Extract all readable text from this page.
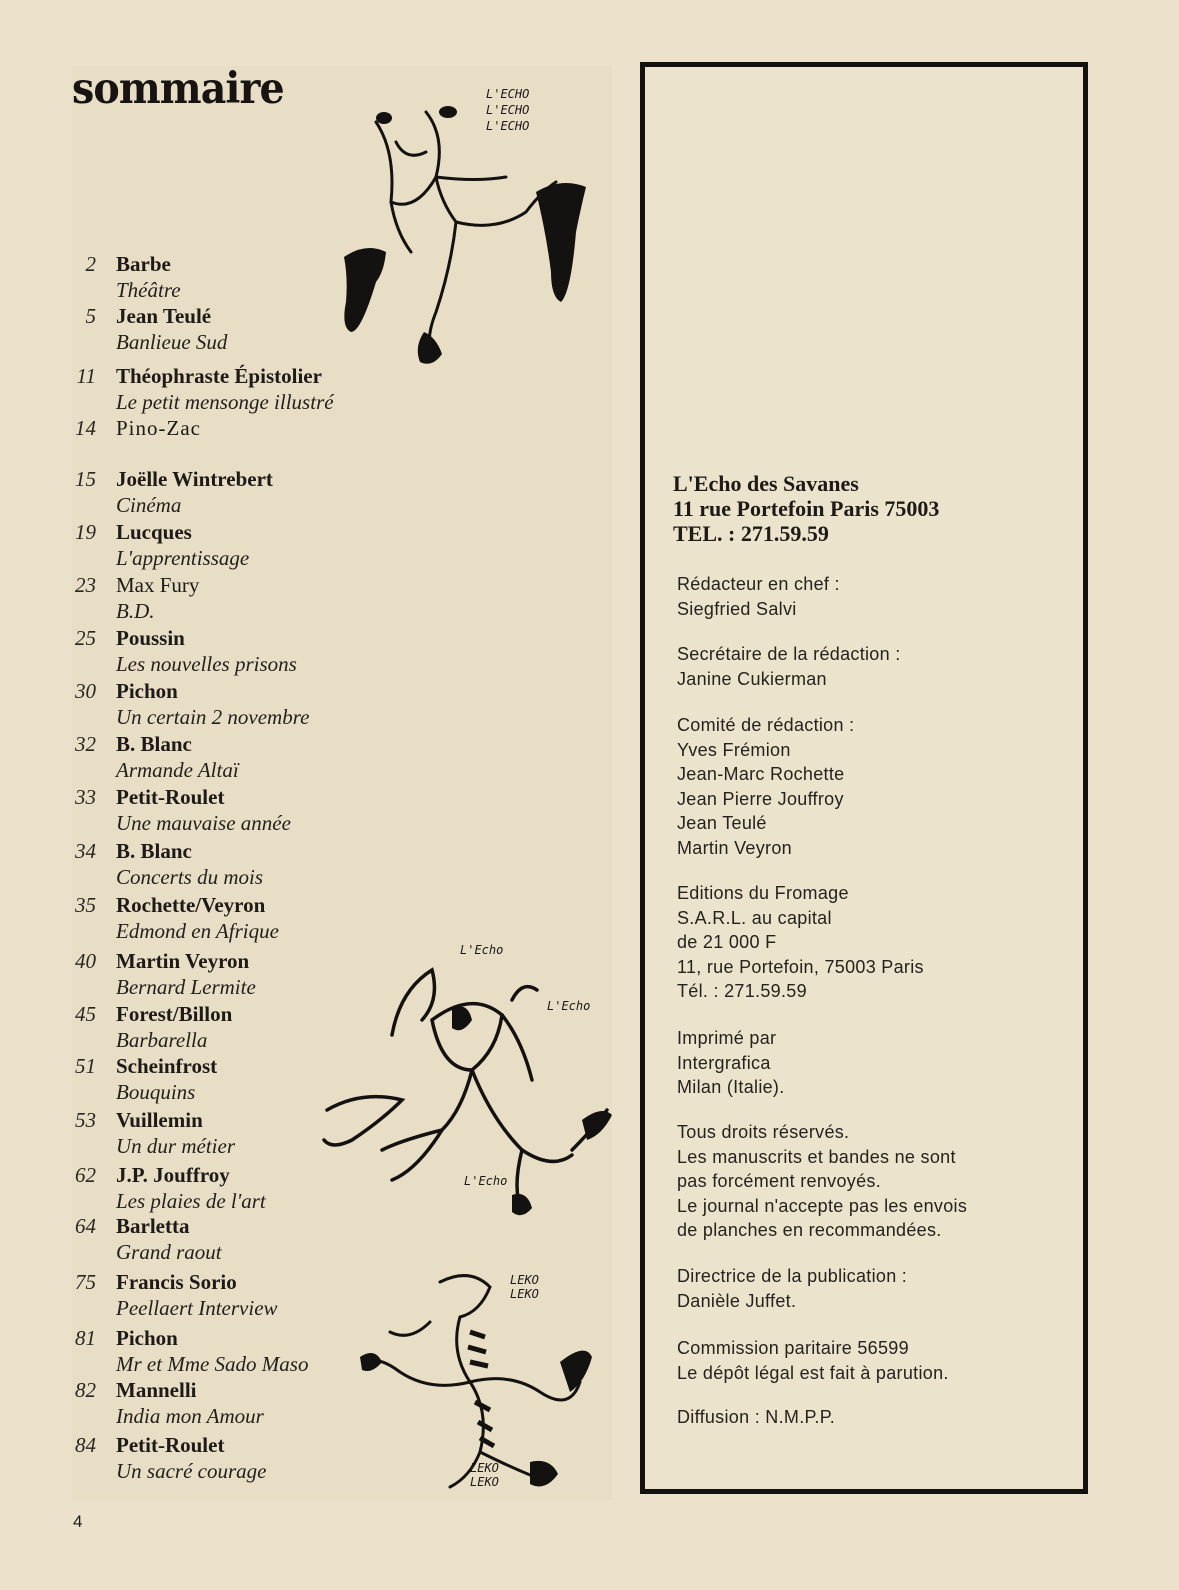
sommaire
2 Barbe
Théâtre
5 Jean Teulé
Banlieue Sud
11 Théophraste Épistolier
Le petit mensonge illustré
14 Pino-Zac
15 Joëlle Wintrebert
Cinéma
19 Lucques
L'apprentissage
23 Max Fury
B.D.
25 Poussin
Les nouvelles prisons
30 Pichon
Un certain 2 novembre
32 B. Blanc
Armande Altaï
33 Petit-Roulet
Une mauvaise année
34 B. Blanc
Concerts du mois
35 Rochette/Veyron
Edmond en Afrique
40 Martin Veyron
Bernard Lermite
45 Forest/Billon
Barbarella
51 Scheinfrost
Bouquins
53 Vuillemin
Un dur métier
62 J.P. Jouffroy
Les plaies de l'art
64 Barletta
Grand raout
75 Francis Sorio
Peellaert Interview
81 Pichon
Mr et Mme Sado Maso
82 Mannelli
India mon Amour
84 Petit-Roulet
Un sacré courage
4
L'ECHO
L'ECHO
L'ECHO
L'Echo
L'Echo
L'Echo
LEKO
LEKO
LEKO
LEKO
L'Echo des Savanes
11 rue Portefoin Paris 75003
TEL. : 271.59.59
Rédacteur en chef :
Siegfried Salvi
Secrétaire de la rédaction :
Janine Cukierman
Comité de rédaction :
Yves Frémion
Jean-Marc Rochette
Jean Pierre Jouffroy
Jean Teulé
Martin Veyron
Editions du Fromage
S.A.R.L. au capital
de 21 000 F
11, rue Portefoin, 75003 Paris
Tél. : 271.59.59
Imprimé par
Intergrafica
Milan (Italie).
Tous droits réservés.
Les manuscrits et bandes ne sont
pas forcément renvoyés.
Le journal n'accepte pas les envois
de planches en recommandées.
Directrice de la publication :
Danièle Juffet.
Commission paritaire 56599
Le dépôt légal est fait à parution.
Diffusion : N.M.P.P.
